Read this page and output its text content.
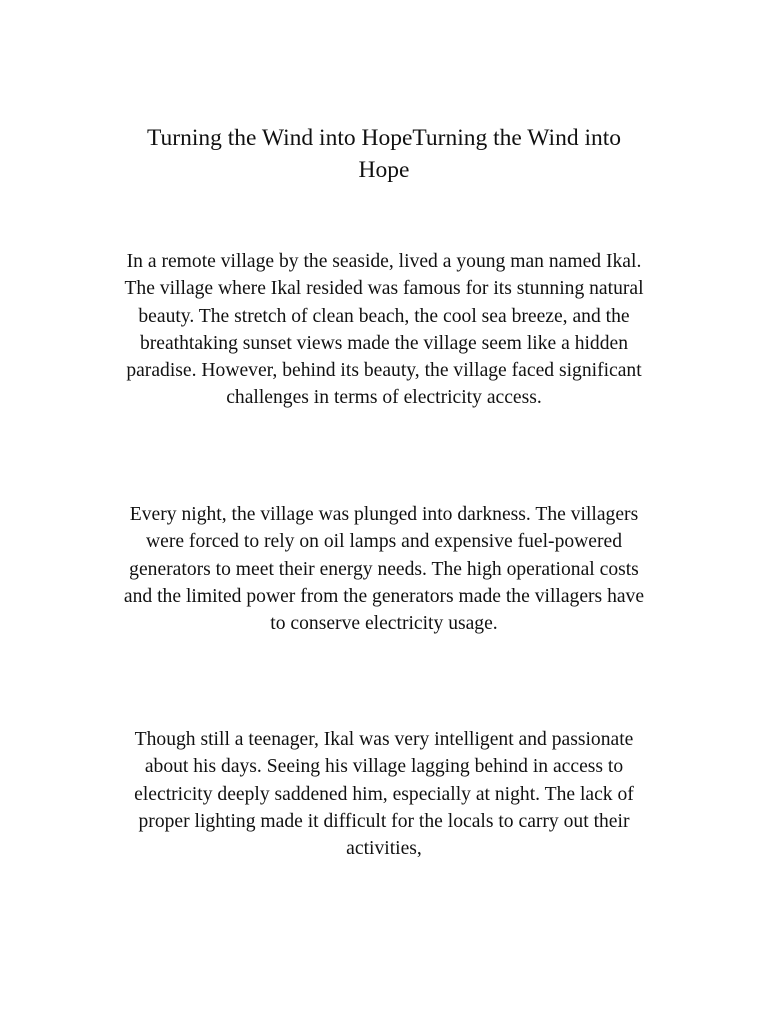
Turning the Wind into HopeTurning the Wind into Hope

In a remote village by the seaside, lived a young man named Ikal. The village where Ikal resided was famous for its stunning natural beauty. The stretch of clean beach, the cool sea breeze, and the breathtaking sunset views made the village seem like a hidden paradise. However, behind its beauty, the village faced significant challenges in terms of electricity access.

Every night, the village was plunged into darkness. The villagers were forced to rely on oil lamps and expensive fuel-powered generators to meet their energy needs. The high operational costs and the limited power from the generators made the villagers have to conserve electricity usage.

Though still a teenager, Ikal was very intelligent and passionate about his days. Seeing his village lagging behind in access to electricity deeply saddened him, especially at night. The lack of proper lighting made it difficult for the locals to carry out their activities,
